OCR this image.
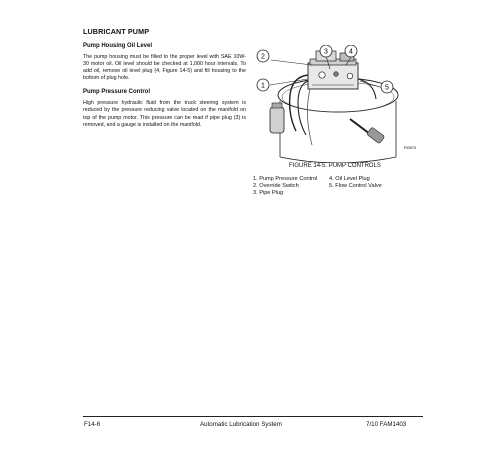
LUBRICANT PUMP
Pump Housing Oil Level

The pump housing must be filled to the proper level with SAE 10W-30 motor oil. Oil level should be checked at 1,000 hour intervals. To add oil, remove oil level plug (4, Figure 14-5) and fill housing to the bottom of plug hole.

Pump Pressure Control

High pressure hydraulic fluid from the truck steering system is reduced by the pressure reducing valve located on the manifold on top of the pump motor. This pressure can be read if pipe plug (3) is removed, and a gauge is installed on the manifold.

2
3	4
1	5
F03970
FIGURE 14-5. PUMP CONTROLS
1. Pump Pressure Control
2. Override Switch
3. Pipe Plug
4. Oil Level Plug
5. Flow Control Valve
F14-6	Automatic Lubrication System	7/10 FAM1403
